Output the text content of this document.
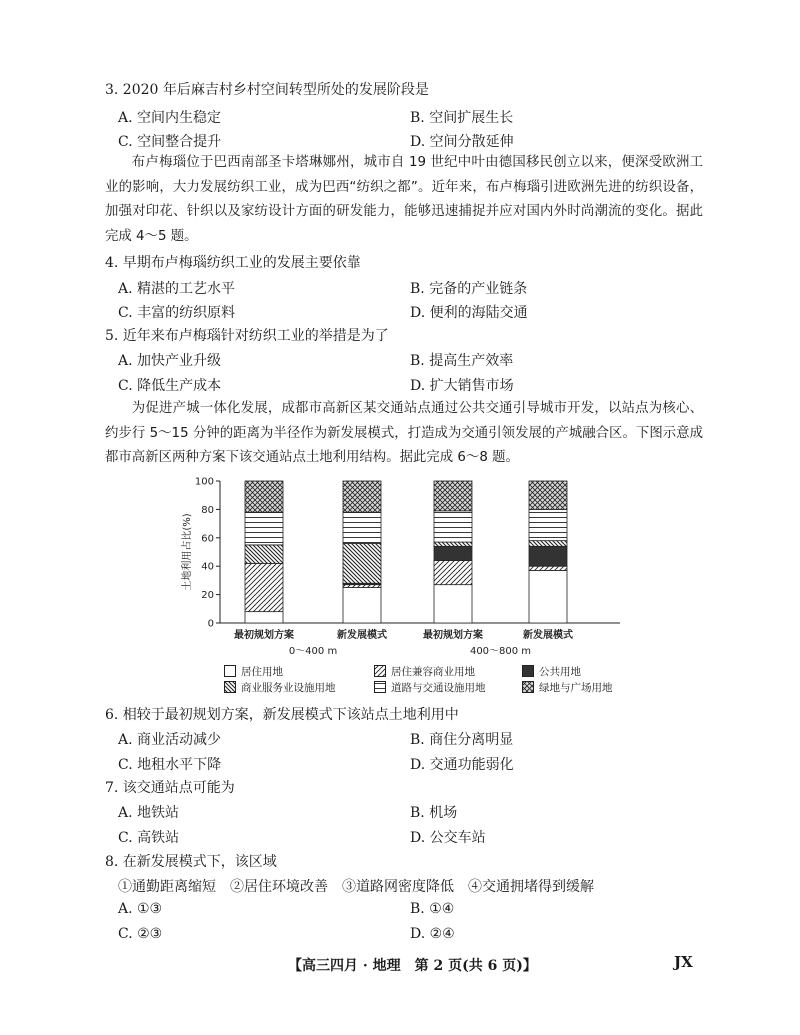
3. 2020 年后麻吉村乡村空间转型所处的发展阶段是
A. 空间内生稳定	B. 空间扩展生长
C. 空间整合提升	D. 空间分散延伸
布卢梅瑙位于巴西南部圣卡塔琳娜州，城市自 19 世纪中叶由德国移民创立以来，便深受欧洲工业的影响，大力发展纺织工业，成为巴西“纺织之都”。近年来，布卢梅瑙引进欧洲先进的纺织设备，加强对印花、针织以及家纺设计方面的研发能力，能够迅速捕捉并应对国内外时尚潮流的变化。据此完成 4～5 题。
4. 早期布卢梅瑙纺织工业的发展主要依靠
A. 精湛的工艺水平	B. 完备的产业链条
C. 丰富的纺织原料	D. 便利的海陆交通
5. 近年来布卢梅瑙针对纺织工业的举措是为了
A. 加快产业升级	B. 提高生产效率
C. 降低生产成本	D. 扩大销售市场
为促进产城一体化发展，成都市高新区某交通站点通过公共交通引导城市开发，以站点为核心、约步行 5～15 分钟的距离为半径作为新发展模式，打造成为交通引领发展的产城融合区。下图示意成都市高新区两种方案下该交通站点土地利用结构。据此完成 6～8 题。
0
20
40
60
80
100
土地利用占比(%)
最初规划方案	新发展模式	最初规划方案	新发展模式
0～400 m	400～800 m
居住用地	居住兼容商业用地	公共用地
商业服务业设施用地	道路与交通设施用地	绿地与广场用地
6. 相较于最初规划方案，新发展模式下该站点土地利用中
A. 商业活动减少	B. 商住分离明显
C. 地租水平下降	D. 交通功能弱化
7. 该交通站点可能为
A. 地铁站	B. 机场
C. 高铁站	D. 公交车站
8. 在新发展模式下，该区域
①通勤距离缩短　②居住环境改善　③道路网密度降低　④交通拥堵得到缓解
A. ①③	B. ①④
C. ②③	D. ②④
【高三四月 · 地理　第 2 页(共 6 页)】	JX
